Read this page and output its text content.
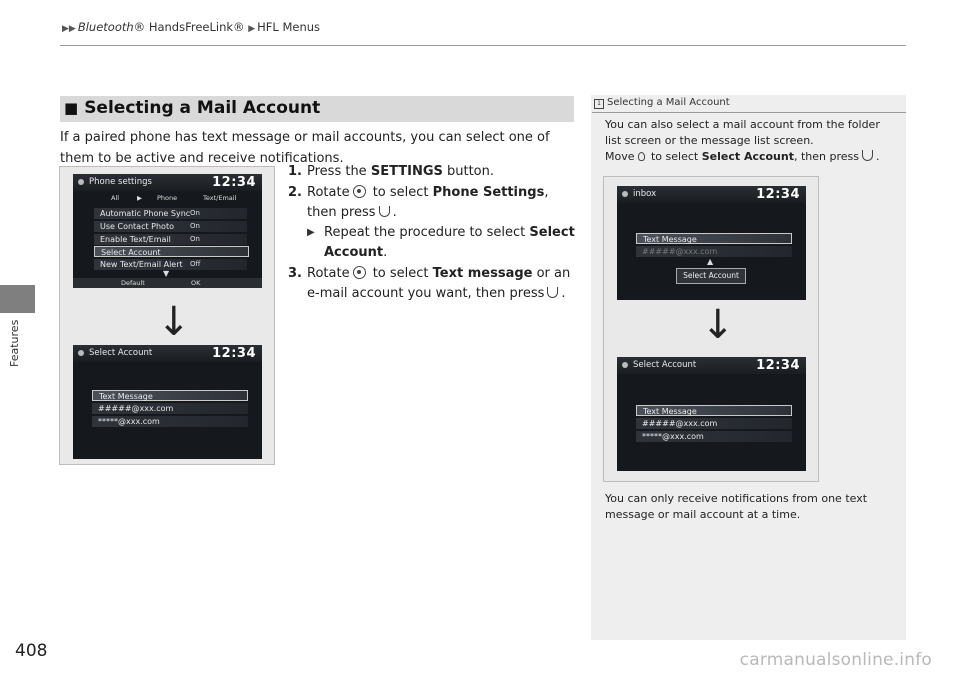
▶▶ Bluetooth® HandsFreeLink® ▶ HFL Menus
Features
408	carmanualsonline.info
■ Selecting a Mail Account
If a paired phone has text message or mail accounts, you can select one of them to be active and receive notifications.
Phone settings	12:34
All	▶ Phone	Text/Email
Automatic Phone Sync On
Use Contact Photo On
Enable Text/Email	On
Select Account
New Text/Email Alert Off
▼
Default	OK
↓
Select Account	12:34
Text Message
#####@xxx.com
*****@xxx.com
1. Press the SETTINGS button.
2. Rotate to select Phone Settings, then press .
▶ Repeat the procedure to select Select Account.
3. Rotate to select Text message or an e-mail account you want, then press .
1 Selecting a Mail Account
You can also select a mail account from the folder list screen or the message list screen.
Move to select Select Account, then press .
inbox	12:34
Text Message
#####@xxx.com
▲
Select Account
↓
Select Account	12:34
Text Message
#####@xxx.com
*****@xxx.com
You can only receive notifications from one text message or mail account at a time.
